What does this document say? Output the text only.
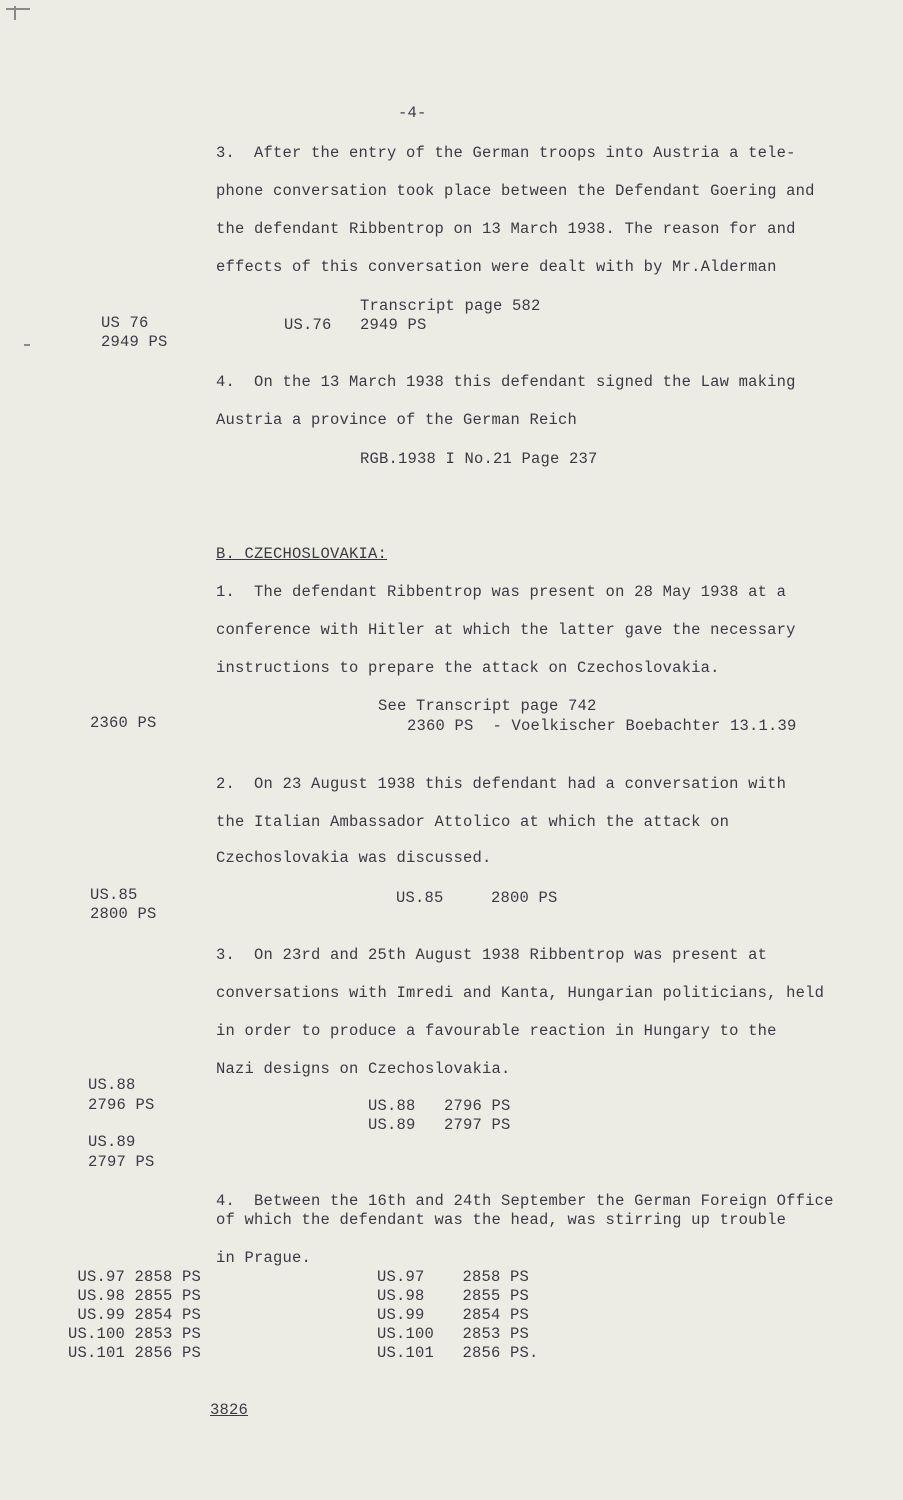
-4-
3.  After the entry of the German troops into Austria a tele-
phone conversation took place between the Defendant Goering and
the defendant Ribbentrop on 13 March 1938. The reason for and
effects of this conversation were dealt with by Mr.Alderman
Transcript page 582
US.76   2949 PS
US 76
2949 PS
4.  On the 13 March 1938 this defendant signed the Law making
Austria a province of the German Reich
RGB.1938 I No.21 Page 237
B. CZECHOSLOVAKIA:
1.  The defendant Ribbentrop was present on 28 May 1938 at a
conference with Hitler at which the latter gave the necessary
instructions to prepare the attack on Czechoslovakia.
See Transcript page 742
2360 PS  - Voelkischer Boebachter 13.1.39
2360 PS
2.  On 23 August 1938 this defendant had a conversation with
the Italian Ambassador Attolico at which the attack on
Czechoslovakia was discussed.
US.85     2800 PS
US.85
2800 PS
3.  On 23rd and 25th August 1938 Ribbentrop was present at
conversations with Imredi and Kanta, Hungarian politicians, held
in order to produce a favourable reaction in Hungary to the
Nazi designs on Czechoslovakia.
US.88   2796 PS
US.89   2797 PS
US.88
2796 PS
US.89
2797 PS
4.  Between the 16th and 24th September the German Foreign Office
of which the defendant was the head, was stirring up trouble
in Prague.
US.97    2858 PS
US.98    2855 PS
US.99    2854 PS
US.100   2853 PS
US.101   2856 PS.
US.97 2858 PS
US.98 2855 PS
US.99 2854 PS
US.100 2853 PS
US.101 2856 PS
3826
